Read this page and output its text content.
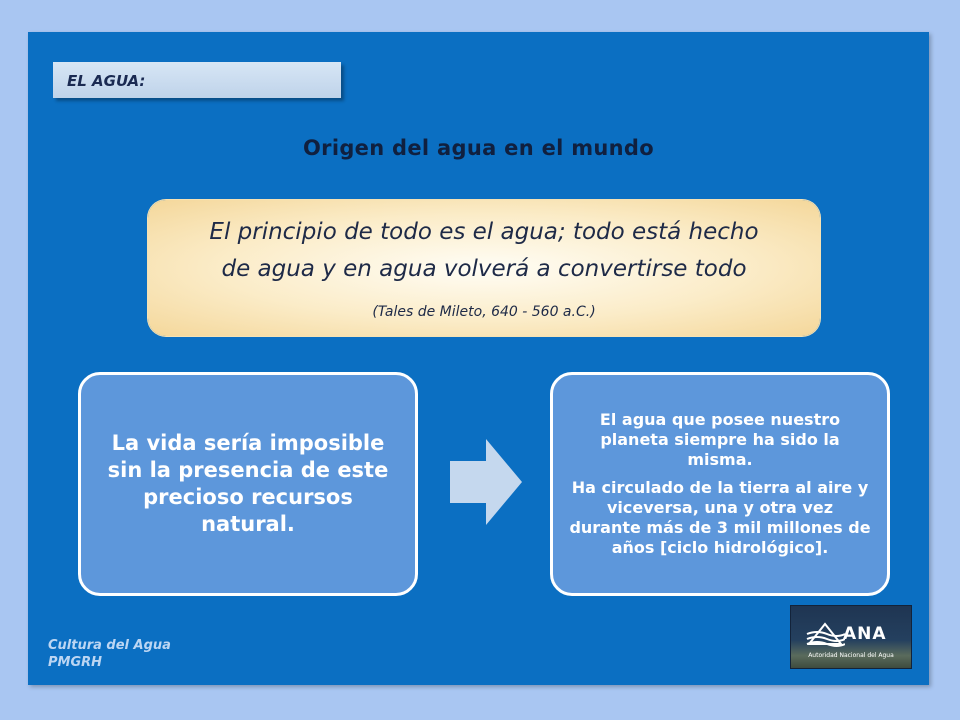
EL AGUA:
Origen del agua en el mundo
El principio de todo es el agua; todo está hecho
de agua y en agua volverá a convertirse todo
(Tales de Mileto, 640 - 560 a.C.)
La vida sería imposible sin la presencia de este precioso recursos natural.

El agua que posee nuestro planeta siempre ha sido la misma.

Ha circulado de la tierra al aire y viceversa, una y otra vez durante más de 3 mil millones de años [ciclo hidrológico].

Cultura del Agua
PMGRH
ANA
Autoridad Nacional del Agua
